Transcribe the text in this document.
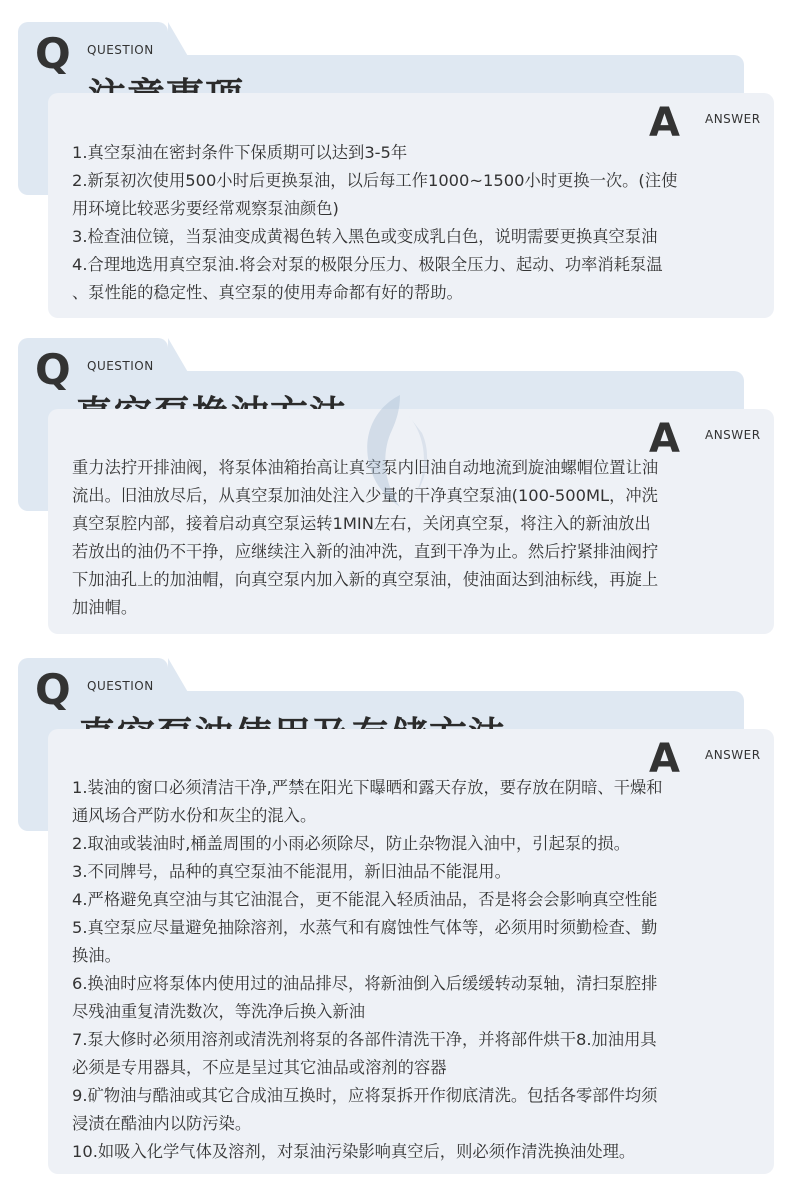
Q QUESTION
A ANSWER

1.真空泵油在密封条件下保质期可以达到3-5年

2.新泵初次使用500小时后更换泵油，以后每工作1000~1500小时更换一次。(注使

用环境比较恶劣要经常观察泵油颜色)

3.检查油位镜，当泵油变成黄褐色转入黑色或变成乳白色，说明需要更换真空泵油

4.合理地选用真空泵油.将会对泵的极限分压力、极限全压力、起动、功率消耗泵温

、泵性能的稳定性、真空泵的使用寿命都有好的帮助。

Q QUESTION
A ANSWER

重力法拧开排油阀，将泵体油箱抬高让真空泵内旧油自动地流到旋油螺帽位置让油

流出。旧油放尽后，从真空泵加油处注入少量的干净真空泵油(100-500ML，冲洗

真空泵腔内部，接着启动真空泵运转1MIN左右，关闭真空泵，将注入的新油放出

若放出的油仍不干挣，应继续注入新的油冲洗，直到干净为止。然后拧紧排油阀拧

下加油孔上的加油帽，向真空泵内加入新的真空泵油，使油面达到油标线，再旋上

加油帽。

Q QUESTION
A ANSWER

1.装油的窗口必须清洁干净,严禁在阳光下曝晒和露天存放，要存放在阴暗、干燥和

通风场合严防水份和灰尘的混入。

2.取油或装油时,桶盖周围的小雨必须除尽，防止杂物混入油中，引起泵的损。

3.不同牌号，品种的真空泵油不能混用，新旧油品不能混用。

4.严格避免真空油与其它油混合，更不能混入轻质油品，否是将会会影响真空性能

5.真空泵应尽量避免抽除溶剂，水蒸气和有腐蚀性气体等，必须用时须勤检查、勤

换油。

6.换油时应将泵体内使用过的油品排尽，将新油倒入后缓缓转动泵轴，清扫泵腔排

尽残油重复清洗数次，等洗净后换入新油

7.泵大修时必须用溶剂或清洗剂将泵的各部件清洗干净，并将部件烘干8.加油用具

必须是专用器具，不应是呈过其它油品或溶剂的容器

9.矿物油与酷油或其它合成油互换时，应将泵拆开作彻底清洗。包括各零部件均须

浸渍在酷油内以防污染。

10.如吸入化学气体及溶剂，对泵油污染影响真空后，则必须作清洗换油处理。
